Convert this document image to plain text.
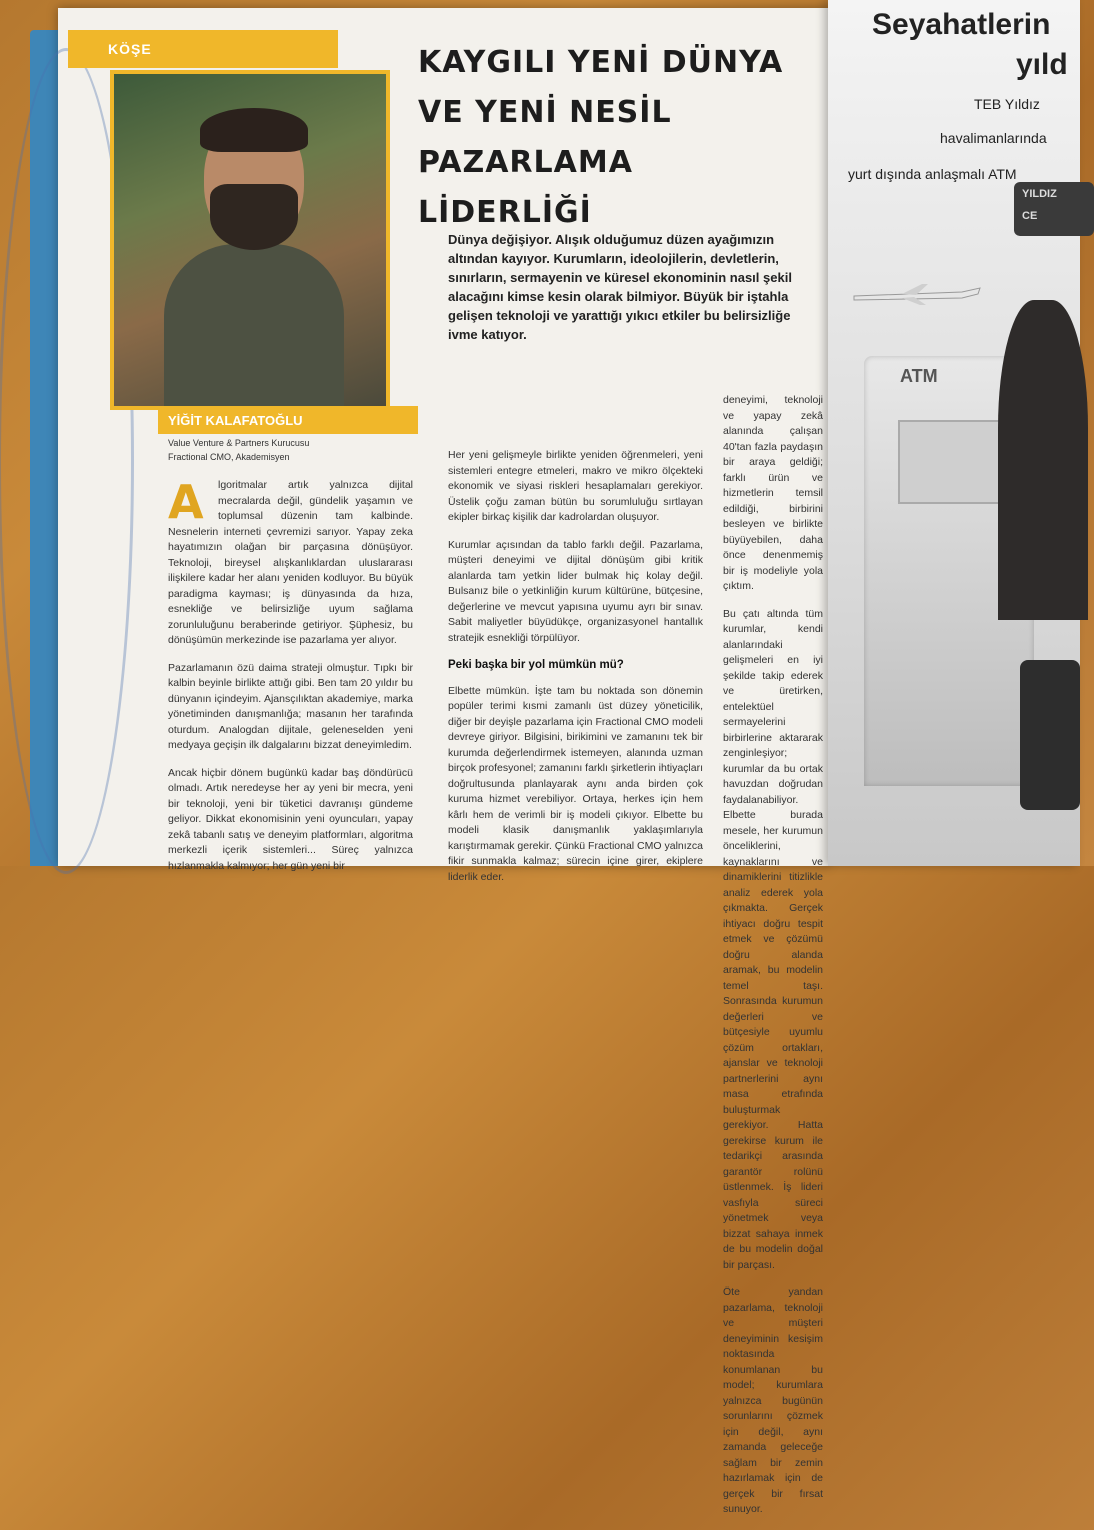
KÖŞE
YİĞİT KALAFATOĞLU
Value Venture & Partners Kurucusu
Fractional CMO, Akademisyen
KAYGILI YENİ DÜNYA VE YENİ NESİL PAZARLAMA LİDERLİĞİ
Dünya değişiyor. Alışık olduğumuz düzen ayağımızın altından kayıyor. Kurumların, ideolojilerin, devletlerin, sınırların, sermayenin ve küresel ekonominin nasıl şekil alacağını kimse kesin olarak bilmiyor. Büyük bir iştahla gelişen teknoloji ve yarattığı yıkıcı etkiler bu belirsizliğe ivme katıyor.

A	lgoritmalar artık yalnızca dijital mecralarda değil, gündelik yaşamın ve toplumsal düzenin tam kalbinde. Nesnelerin interneti çevremizi sarıyor. Yapay zeka hayatımızın olağan bir parçasına dönüşüyor. Teknoloji, bireysel alışkanlıklardan uluslararası ilişkilere kadar her alanı yeniden kodluyor. Bu büyük paradigma kayması; iş dünyasında da hıza, esnekliğe ve belirsizliğe uyum sağlama zorunluluğunu beraberinde getiriyor. Şüphesiz, bu dönüşümün merkezinde ise pazarlama yer alıyor.

Pazarlamanın özü daima strateji olmuştur. Tıpkı bir kalbin beyinle birlikte attığı gibi. Ben tam 20 yıldır bu dünyanın içindeyim. Ajansçılıktan akademiye, marka yönetiminden danışmanlığa; masanın her tarafında oturdum. Analogdan dijitale, geleneselden yeni medyaya geçişin ilk dalgalarını bizzat deneyimledim.

Ancak hiçbir dönem bugünkü kadar baş döndürücü olmadı. Artık neredeyse her ay yeni bir mecra, yeni bir teknoloji, yeni bir tüketici davranışı gündeme geliyor. Dikkat ekonomisinin yeni oyuncuları, yapay zekâ tabanlı satış ve deneyim platformları, algoritma merkezli içerik sistemleri... Süreç yalnızca hızlanmakla kalmıyor; her gün yeni bir

Her yeni gelişmeyle birlikte yeniden öğrenmeleri, yeni sistemleri entegre etmeleri, makro ve mikro ölçekteki ekonomik ve siyasi riskleri hesaplamaları gerekiyor. Üstelik çoğu zaman bütün bu sorumluluğu sırtlayan ekipler birkaç kişilik dar kadrolardan oluşuyor.

Kurumlar açısından da tablo farklı değil. Pazarlama, müşteri deneyimi ve dijital dönüşüm gibi kritik alanlarda tam yetkin lider bulmak hiç kolay değil. Bulsanız bile o yetkinliğin kurum kültürüne, bütçesine, değerlerine ve mevcut yapısına uyumu ayrı bir sınav. Sabit maliyetler büyüdükçe, organizasyonel hantallık stratejik esnekliği törpülüyor.

Peki başka bir yol mümkün mü?

Elbette mümkün. İşte tam bu noktada son dönemin popüler terimi kısmi zamanlı üst düzey yöneticilik, diğer bir deyişle pazarlama için Fractional CMO modeli devreye giriyor. Bilgisini, birikimini ve zamanını tek bir kurumda değerlendirmek istemeyen, alanında uzman birçok profesyonel; zamanını farklı şirketlerin ihtiyaçları doğrultusunda planlayarak aynı anda birden çok kuruma hizmet verebiliyor. Ortaya, herkes için hem kârlı hem de verimli bir iş modeli çıkıyor. Elbette bu modeli klasik danışmanlık yaklaşımlarıyla karıştırmamak gerekir. Çünkü Fractional CMO yalnızca fikir sunmakla kalmaz; sürecin içine girer, ekiplere liderlik eder.

deneyimi, teknoloji ve yapay zekâ alanında çalışan 40'tan fazla paydaşın bir araya geldiği; farklı ürün ve hizmetlerin temsil edildiği, birbirini besleyen ve birlikte büyüyebilen, daha önce denenmemiş bir iş modeliyle yola çıktım.

Bu çatı altında tüm kurumlar, kendi alanlarındaki gelişmeleri en iyi şekilde takip ederek ve üretirken, entelektüel sermayelerini birbirlerine aktararak zenginleşiyor; kurumlar da bu ortak havuzdan doğrudan faydalanabiliyor. Elbette burada mesele, her kurumun önceliklerini, kaynaklarını ve dinamiklerini titizlikle analiz ederek yola çıkmakta. Gerçek ihtiyacı doğru tespit etmek ve çözümü doğru alanda aramak, bu modelin temel taşı. Sonrasında kurumun değerleri ve bütçesiyle uyumlu çözüm ortakları, ajanslar ve teknoloji partnerlerini aynı masa etrafında buluşturmak gerekiyor. Hatta gerekirse kurum ile tedarikçi arasında garantör rolünü üstlenmek. İş lideri vasfıyla süreci yönetmek veya bizzat sahaya inmek de bu modelin doğal bir parçası.

Öte yandan pazarlama, teknoloji ve müşteri deneyiminin kesişim noktasında konumlanan bu model; kurumlara yalnızca bugünün sorunlarını çözmek için değil, aynı zamanda geleceğe sağlam bir zemin hazırlamak için de gerçek bir fırsat sunuyor.

Seyahatlerin
yıld
TEB Yıldız
havalimanlarında
yurt dışında anlaşmalı ATM
YILDIZ
CE
ATM
